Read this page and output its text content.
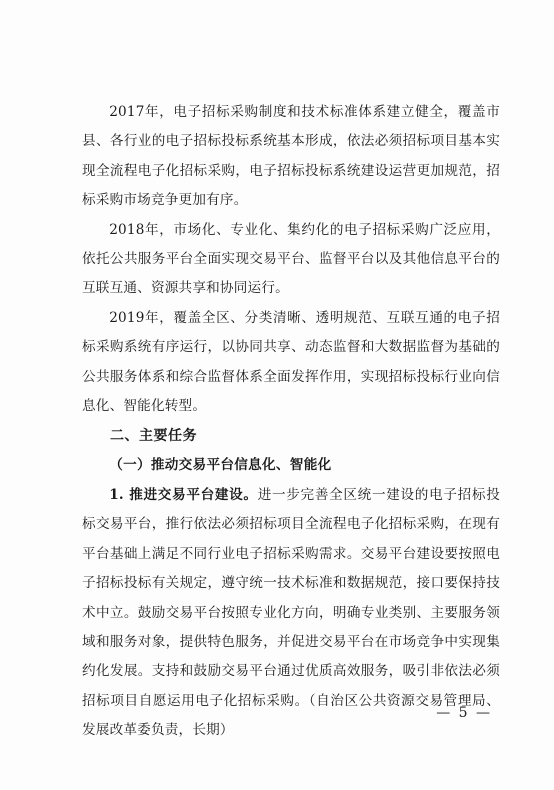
2017年，电子招标采购制度和技术标准体系建立健全，覆盖市县、各行业的电子招标投标系统基本形成，依法必须招标项目基本实现全流程电子化招标采购，电子招标投标系统建设运营更加规范，招标采购市场竞争更加有序。

2018年，市场化、专业化、集约化的电子招标采购广泛应用，依托公共服务平台全面实现交易平台、监督平台以及其他信息平台的互联互通、资源共享和协同运行。

2019年，覆盖全区、分类清晰、透明规范、互联互通的电子招标采购系统有序运行，以协同共享、动态监督和大数据监督为基础的公共服务体系和综合监督体系全面发挥作用，实现招标投标行业向信息化、智能化转型。

二、主要任务

（一）推动交易平台信息化、智能化

1. 推进交易平台建设。进一步完善全区统一建设的电子招标投标交易平台，推行依法必须招标项目全流程电子化招标采购，在现有平台基础上满足不同行业电子招标采购需求。交易平台建设要按照电子招标投标有关规定，遵守统一技术标准和数据规范，接口要保持技术中立。鼓励交易平台按照专业化方向，明确专业类别、主要服务领域和服务对象，提供特色服务，并促进交易平台在市场竞争中实现集约化发展。支持和鼓励交易平台通过优质高效服务，吸引非依法必须招标项目自愿运用电子化招标采购。（自治区公共资源交易管理局、发展改革委负责，长期）

— 5 —
